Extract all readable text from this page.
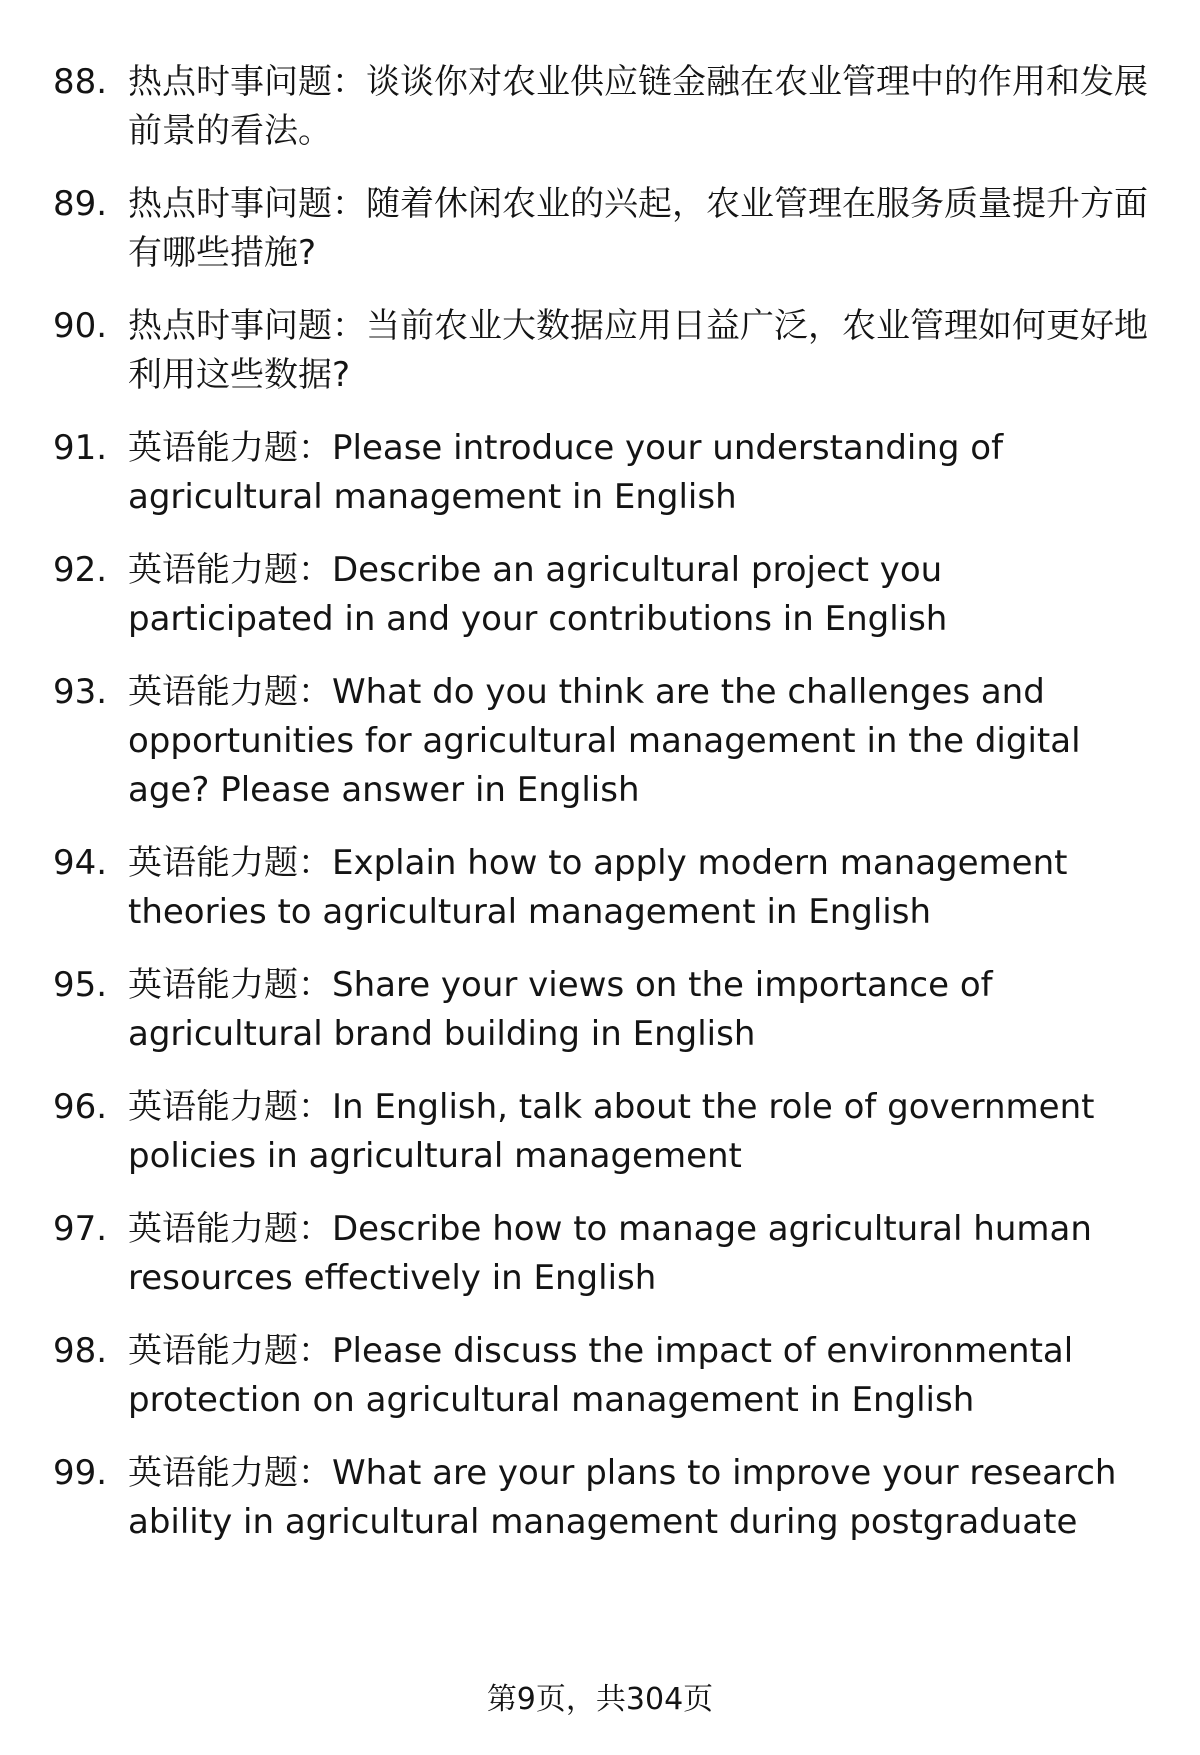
88. 热点时事问题：谈谈你对农业供应链金融在农业管理中的作用和发展前景的看法。
89. 热点时事问题：随着休闲农业的兴起，农业管理在服务质量提升方面有哪些措施?
90. 热点时事问题：当前农业大数据应用日益广泛，农业管理如何更好地利用这些数据?
91. 英语能力题：Please introduce your understanding of agricultural management in English
92. 英语能力题：Describe an agricultural project you participated in and your contributions in English
93. 英语能力题：What do you think are the challenges and opportunities for agricultural management in the digital age? Please answer in English
94. 英语能力题：Explain how to apply modern management theories to agricultural management in English
95. 英语能力题：Share your views on the importance of agricultural brand building in English
96. 英语能力题：In English, talk about the role of government policies in agricultural management
97. 英语能力题：Describe how to manage agricultural human resources effectively in English
98. 英语能力题：Please discuss the impact of environmental protection on agricultural management in English
99. 英语能力题：What are your plans to improve your research ability in agricultural management during postgraduate
第9页，共304页
